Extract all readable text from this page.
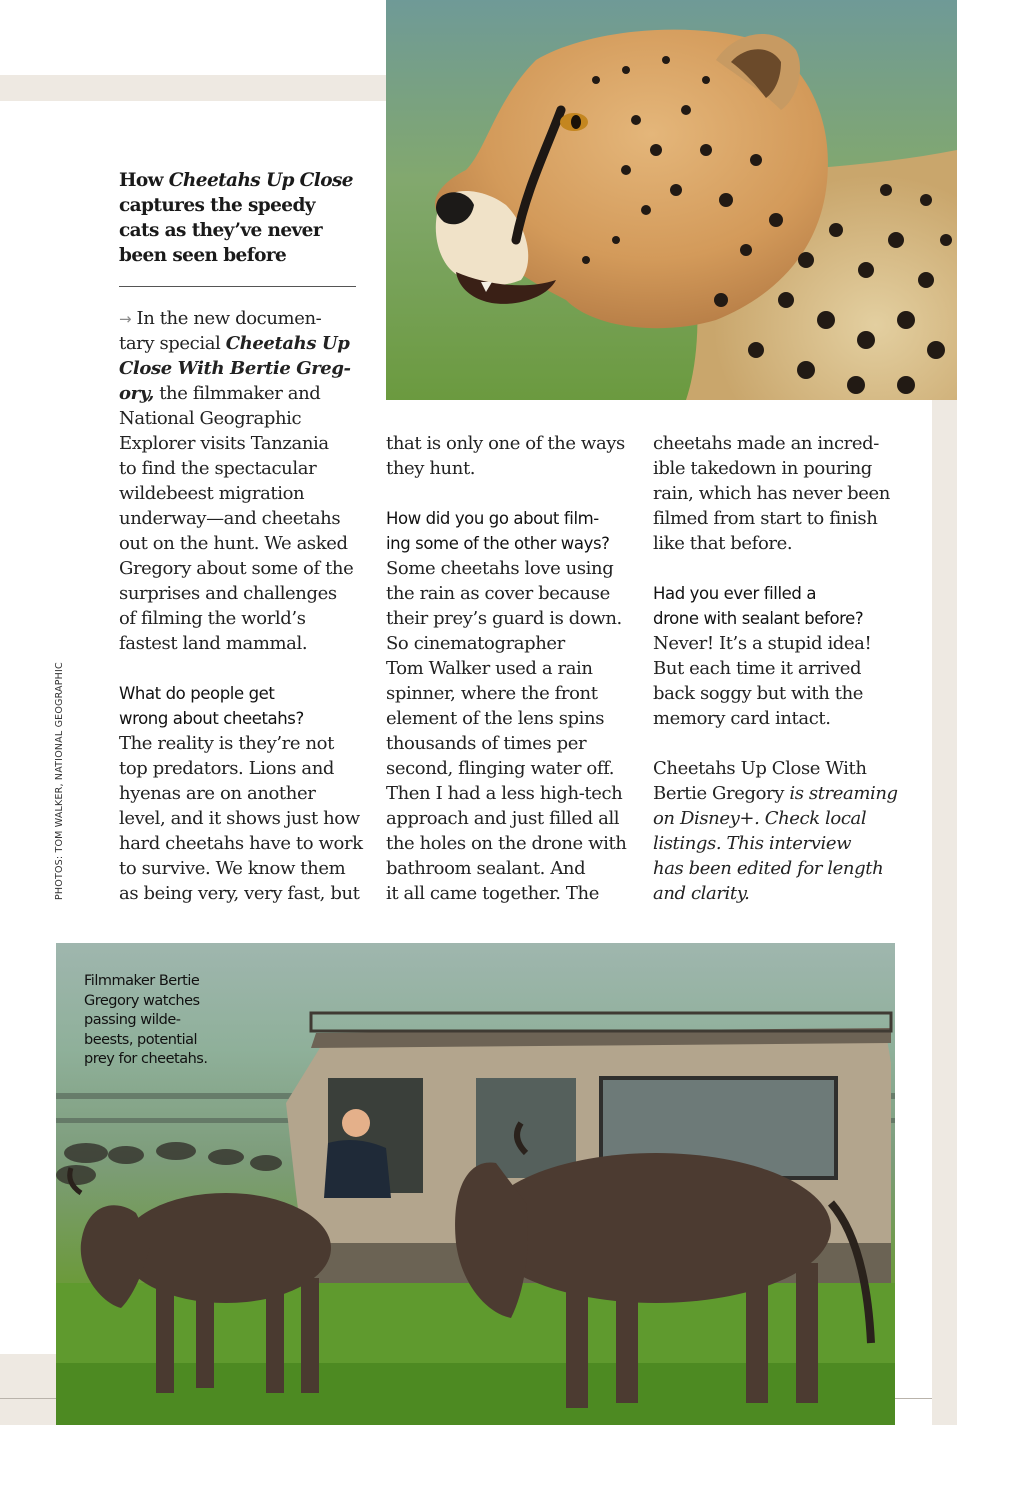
How Cheetahs Up Close
captures the speedy
cats as they’ve never
been seen before
→ In the new documen-
tary special Cheetahs Up
Close With Bertie Greg-
ory, the filmmaker and
National Geographic
Explorer visits Tanzania
to find the spectacular
wildebeest migration
underway—and cheetahs
out on the hunt. We asked
Gregory about some of the
surprises and challenges
of filming the world’s
fastest land mammal.
What do people get
wrong about cheetahs?
The reality is they’re not
top predators. Lions and
hyenas are on another
level, and it shows just how
hard cheetahs have to work
to survive. We know them
as being very, very fast, but
that is only one of the ways
they hunt.
How did you go about film-
ing some of the other ways?
Some cheetahs love using
the rain as cover because
their prey’s guard is down.
So cinematographer
Tom Walker used a rain
spinner, where the front
element of the lens spins
thousands of times per
second, flinging water off.
Then I had a less high-tech
approach and just filled all
the holes on the drone with
bathroom sealant. And
it all came together. The
cheetahs made an incred-
ible takedown in pouring
rain, which has never been
filmed from start to finish
like that before.
Had you ever filled a
drone with sealant before?
Never! It’s a stupid idea!
But each time it arrived
back soggy but with the
memory card intact.
Cheetahs Up Close With
Bertie Gregory is streaming
on Disney+. Check local
listings. This interview
has been edited for length
and clarity.
PHOTOS: TOM WALKER, NATIONAL GEOGRAPHIC
Filmmaker Bertie
Gregory watches
passing wilde-
beests, potential
prey for cheetahs.
